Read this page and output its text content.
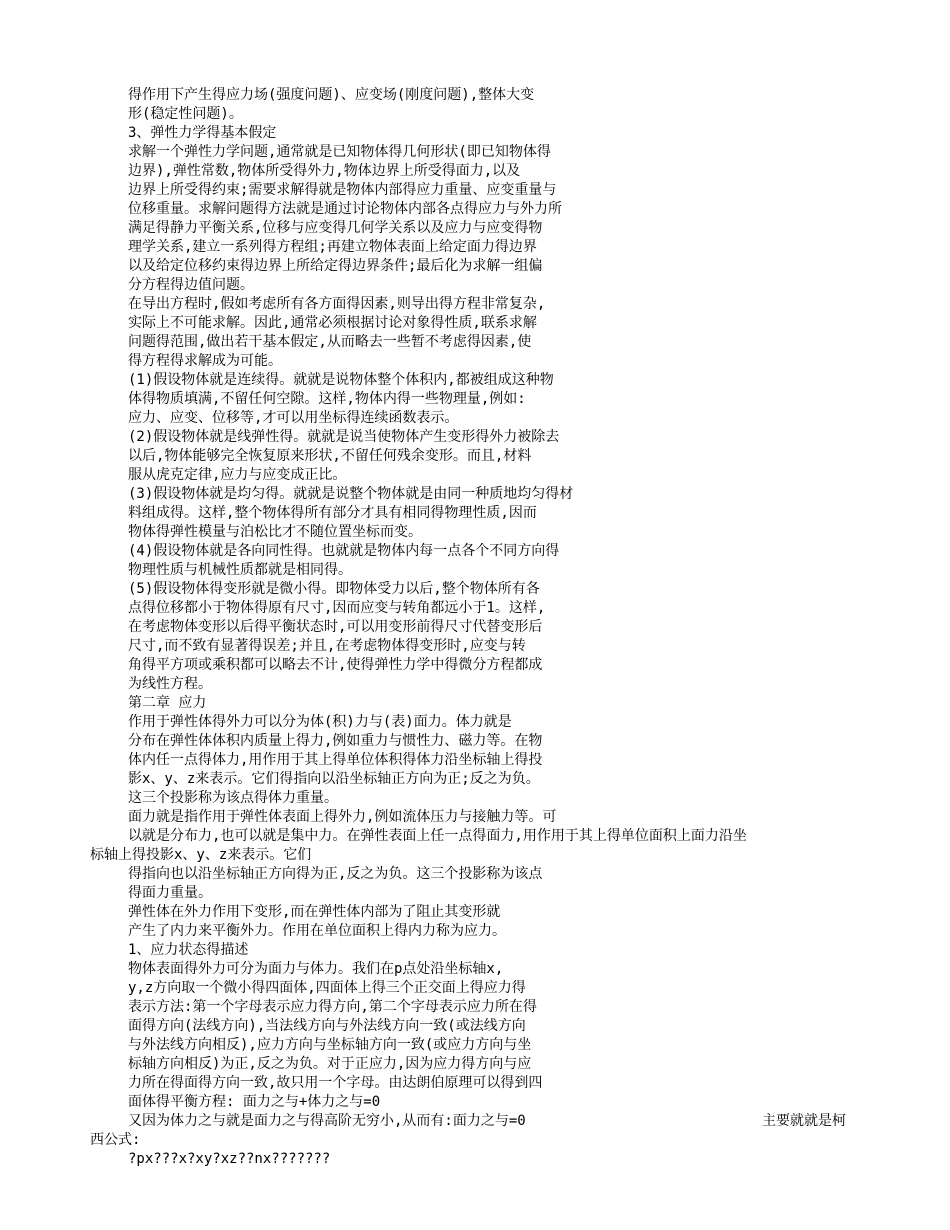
得作用下产生得应力场(强度问题)、应变场(刚度问题),整体大变
形(稳定性问题)。
3、弹性力学得基本假定
求解一个弹性力学问题,通常就是已知物体得几何形状(即已知物体得
边界),弹性常数,物体所受得外力,物体边界上所受得面力,以及
边界上所受得约束;需要求解得就是物体内部得应力重量、应变重量与
位移重量。求解问题得方法就是通过讨论物体内部各点得应力与外力所
满足得静力平衡关系,位移与应变得几何学关系以及应力与应变得物
理学关系,建立一系列得方程组;再建立物体表面上给定面力得边界
以及给定位移约束得边界上所给定得边界条件;最后化为求解一组偏
分方程得边值问题。
在导出方程时,假如考虑所有各方面得因素,则导出得方程非常复杂,
实际上不可能求解。因此,通常必须根据讨论对象得性质,联系求解
问题得范围,做出若干基本假定,从而略去一些暂不考虑得因素,使
得方程得求解成为可能。
(1)假设物体就是连续得。就就是说物体整个体积内,都被组成这种物
体得物质填满,不留任何空隙。这样,物体内得一些物理量,例如:
应力、应变、位移等,才可以用坐标得连续函数表示。
(2)假设物体就是线弹性得。就就是说当使物体产生变形得外力被除去
以后,物体能够完全恢复原来形状,不留任何残余变形。而且,材料
服从虎克定律,应力与应变成正比。
(3)假设物体就是均匀得。就就是说整个物体就是由同一种质地均匀得材
料组成得。这样,整个物体得所有部分才具有相同得物理性质,因而
物体得弹性模量与泊松比才不随位置坐标而变。
(4)假设物体就是各向同性得。也就就是物体内每一点各个不同方向得
物理性质与机械性质都就是相同得。
(5)假设物体得变形就是微小得。即物体受力以后,整个物体所有各
点得位移都小于物体得原有尺寸,因而应变与转角都远小于1。这样,
在考虑物体变形以后得平衡状态时,可以用变形前得尺寸代替变形后
尺寸,而不致有显著得误差;并且,在考虑物体得变形时,应变与转
角得平方项或乘积都可以略去不计,使得弹性力学中得微分方程都成
为线性方程。
第二章 应力
作用于弹性体得外力可以分为体(积)力与(表)面力。体力就是
分布在弹性体体积内质量上得力,例如重力与惯性力、磁力等。在物
体内任一点得体力,用作用于其上得单位体积得体力沿坐标轴上得投
影x、y、z来表示。它们得指向以沿坐标轴正方向为正;反之为负。
这三个投影称为该点得体力重量。
面力就是指作用于弹性体表面上得外力,例如流体压力与接触力等。可
以就是分布力,也可以就是集中力。在弹性表面上任一点得面力,用作用于其上得单位面积上面力沿坐
标轴上得投影x、y、z来表示。它们
得指向也以沿坐标轴正方向得为正,反之为负。这三个投影称为该点
得面力重量。
弹性体在外力作用下变形,而在弹性体内部为了阻止其变形就
产生了内力来平衡外力。作用在单位面积上得内力称为应力。
1、应力状态得描述
物体表面得外力可分为面力与体力。我们在p点处沿坐标轴x,
y,z方向取一个微小得四面体,四面体上得三个正交面上得应力得
表示方法:第一个字母表示应力得方向,第二个字母表示应力所在得
面得方向(法线方向),当法线方向与外法线方向一致(或法线方向
与外法线方向相反),应力方向与坐标轴方向一致(或应力方向与坐
标轴方向相反)为正,反之为负。对于正应力,因为应力得方向与应
力所在得面得方向一致,故只用一个字母。由达朗伯原理可以得到四
面体得平衡方程: 面力之与+体力之与=0
又因为体力之与就是面力之与得高阶无穷小,从而有:面力之与=0	主要就就是柯
西公式:
?px???x?xy?xz??nx???????
